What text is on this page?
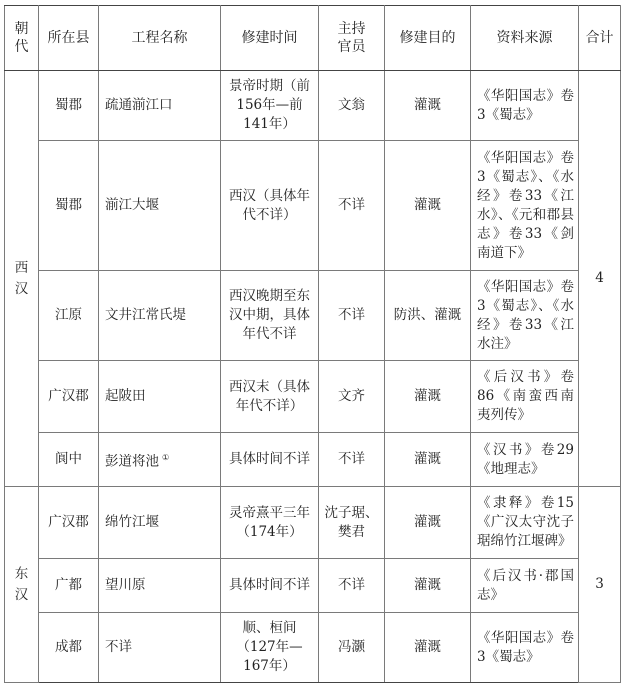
朝代	所在县	工程名称	修建时间	主持官员	修建目的	资料来源	合计
西汉	蜀郡	疏通湔江口	景帝时期（前156年—前141年）	文翁	灌溉	《华阳国志》卷3《蜀志》	4
	蜀郡	湔江大堰	西汉（具体年代不详）	不详	灌溉	《华阳国志》卷3《蜀志》、《水经》卷33《江水》、《元和郡县志》卷33《剑南道下》	
	江原	文井江常氏堤	西汉晚期至东汉中期，具体年代不详	不详	防洪、灌溉	《华阳国志》卷3《蜀志》、《水经》卷33《江水注》	
	广汉郡	起陂田	西汉末（具体年代不详）	文齐	灌溉	《后汉书》卷86《南蛮西南夷列传》	
	阆中	彭道将池 ①	具体时间不详	不详	灌溉	《汉书》卷29《地理志》	
东汉	广汉郡	绵竹江堰	灵帝熹平三年（174年）	沈子琚、樊君	灌溉	《隶释》卷15《广汉太守沈子琚绵竹江堰碑》	3
	广都	望川原	具体时间不详	不详	灌溉	《后汉书·郡国志》	
	成都	不详	顺、桓间（127年—167年）	冯灏	灌溉	《华阳国志》卷3《蜀志》	
